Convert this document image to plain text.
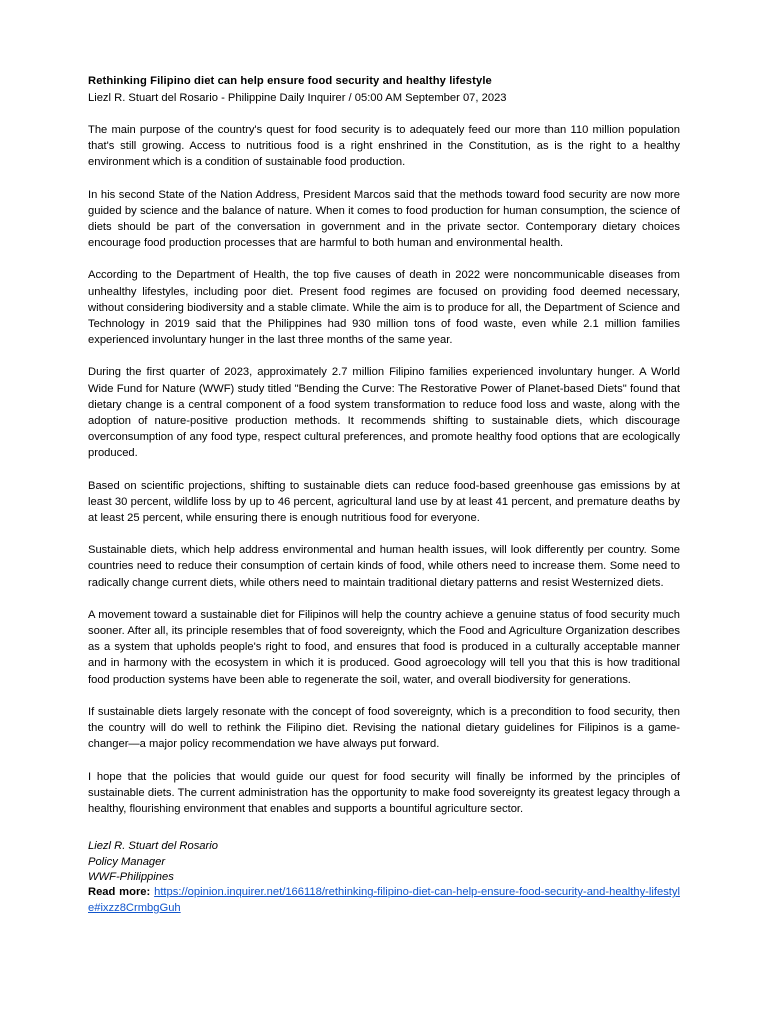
Rethinking Filipino diet can help ensure food security and healthy lifestyle
Liezl R. Stuart del Rosario - Philippine Daily Inquirer / 05:00 AM September 07, 2023

The main purpose of the country's quest for food security is to adequately feed our more than 110 million population that's still growing. Access to nutritious food is a right enshrined in the Constitution, as is the right to a healthy environment which is a condition of sustainable food production.

In his second State of the Nation Address, President Marcos said that the methods toward food security are now more guided by science and the balance of nature. When it comes to food production for human consumption, the science of diets should be part of the conversation in government and in the private sector. Contemporary dietary choices encourage food production processes that are harmful to both human and environmental health.

According to the Department of Health, the top five causes of death in 2022 were noncommunicable diseases from unhealthy lifestyles, including poor diet. Present food regimes are focused on providing food deemed necessary, without considering biodiversity and a stable climate. While the aim is to produce for all, the Department of Science and Technology in 2019 said that the Philippines had 930 million tons of food waste, even while 2.1 million families experienced involuntary hunger in the last three months of the same year.

During the first quarter of 2023, approximately 2.7 million Filipino families experienced involuntary hunger. A World Wide Fund for Nature (WWF) study titled "Bending the Curve: The Restorative Power of Planet-based Diets" found that dietary change is a central component of a food system transformation to reduce food loss and waste, along with the adoption of nature-positive production methods. It recommends shifting to sustainable diets, which discourage overconsumption of any food type, respect cultural preferences, and promote healthy food options that are ecologically produced.

Based on scientific projections, shifting to sustainable diets can reduce food-based greenhouse gas emissions by at least 30 percent, wildlife loss by up to 46 percent, agricultural land use by at least 41 percent, and premature deaths by at least 25 percent, while ensuring there is enough nutritious food for everyone.

Sustainable diets, which help address environmental and human health issues, will look differently per country. Some countries need to reduce their consumption of certain kinds of food, while others need to increase them. Some need to radically change current diets, while others need to maintain traditional dietary patterns and resist Westernized diets.

A movement toward a sustainable diet for Filipinos will help the country achieve a genuine status of food security much sooner. After all, its principle resembles that of food sovereignty, which the Food and Agriculture Organization describes as a system that upholds people's right to food, and ensures that food is produced in a culturally acceptable manner and in harmony with the ecosystem in which it is produced. Good agroecology will tell you that this is how traditional food production systems have been able to regenerate the soil, water, and overall biodiversity for generations.

If sustainable diets largely resonate with the concept of food sovereignty, which is a precondition to food security, then the country will do well to rethink the Filipino diet. Revising the national dietary guidelines for Filipinos is a game-changer—a major policy recommendation we have always put forward.

I hope that the policies that would guide our quest for food security will finally be informed by the principles of sustainable diets. The current administration has the opportunity to make food sovereignty its greatest legacy through a healthy, flourishing environment that enables and supports a bountiful agriculture sector.

Liezl R. Stuart del Rosario
Policy Manager
WWF-Philippines
Read more: https://opinion.inquirer.net/166118/rethinking-filipino-diet-can-help-ensure-food-security-and-healthy-lifestyle#ixzz8CrmbgGuh
